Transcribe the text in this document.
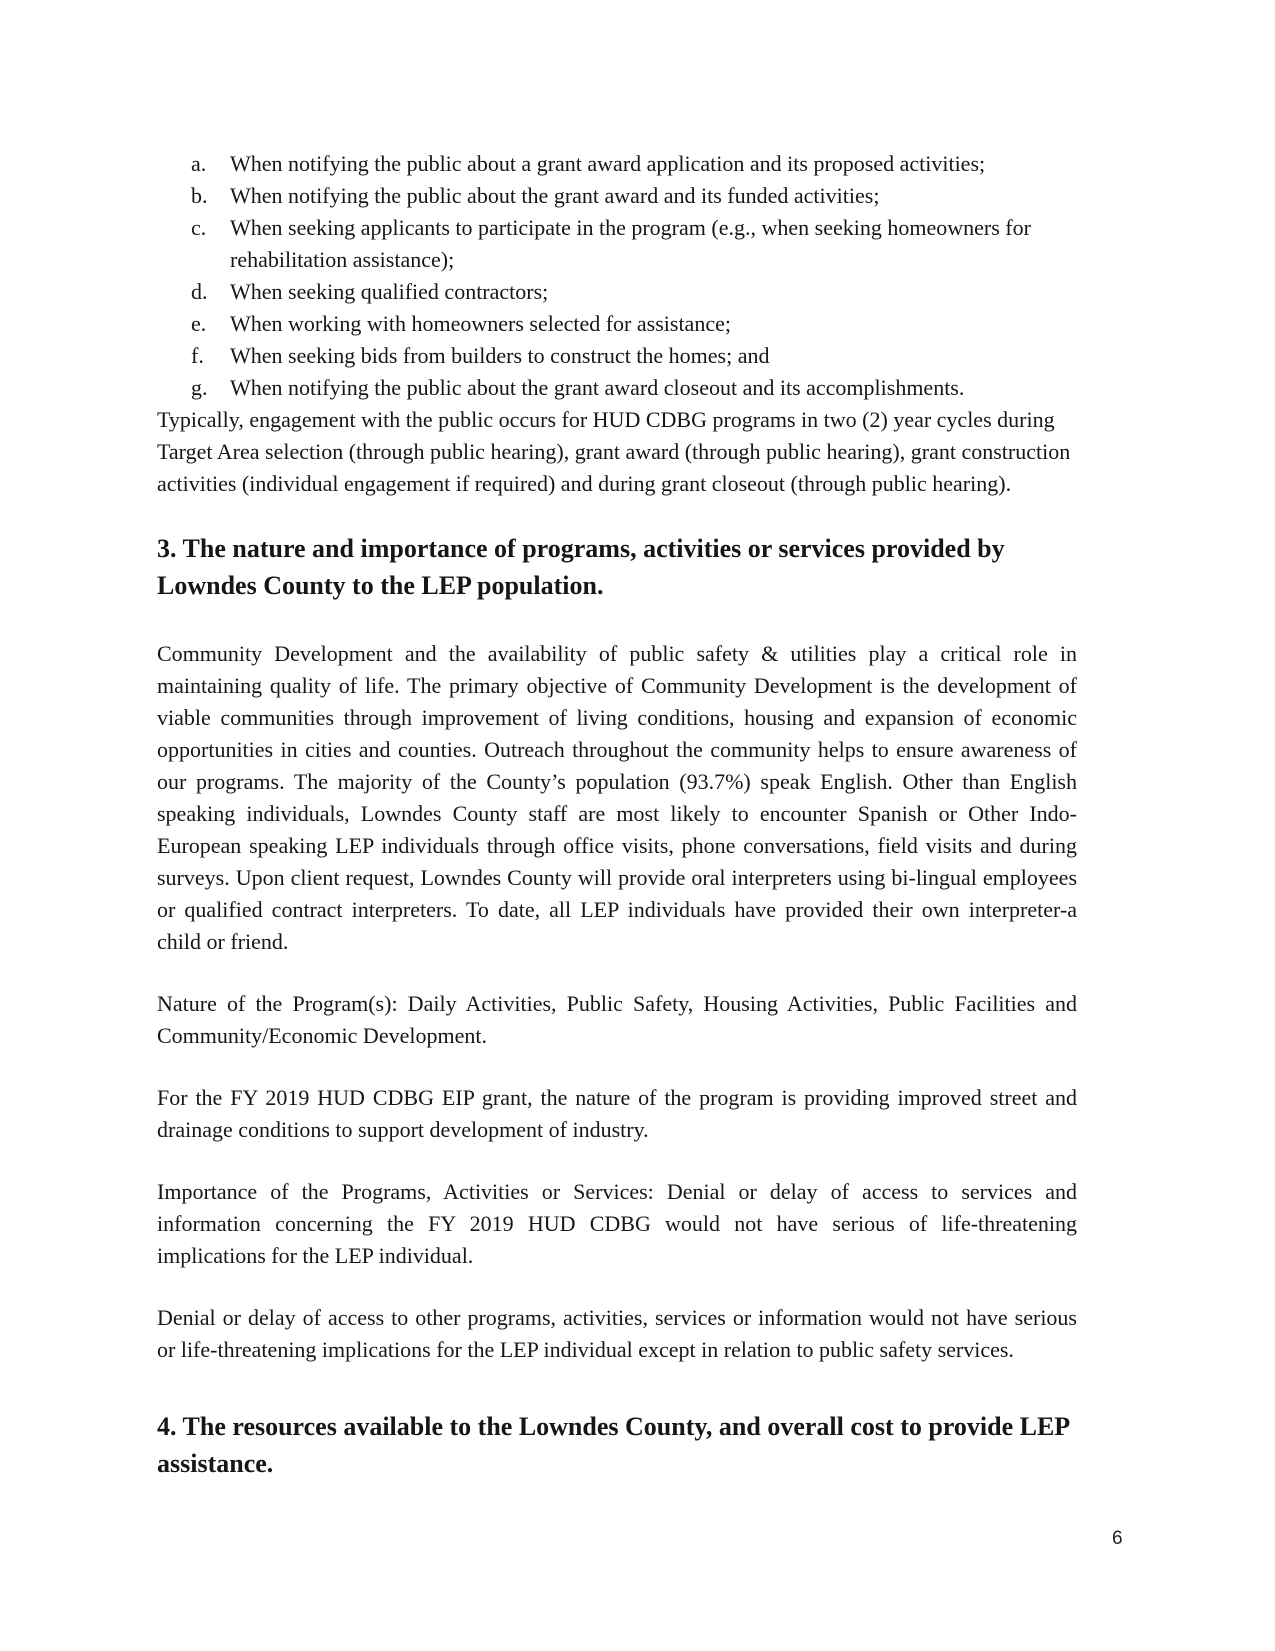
a.	When notifying the public about a grant award application and its proposed activities;
b.	When notifying the public about the grant award and its funded activities;
c.	When seeking applicants to participate in the program (e.g., when seeking homeowners for rehabilitation assistance);
d.	When seeking qualified contractors;
e.	When working with homeowners selected for assistance;
f.	When seeking bids from builders to construct the homes; and
g.	When notifying the public about the grant award closeout and its accomplishments.

Typically, engagement with the public occurs for HUD CDBG programs in two (2) year cycles during Target Area selection (through public hearing), grant award (through public hearing), grant construction activities (individual engagement if required) and during grant closeout (through public hearing).

3. The nature and importance of programs, activities or services provided by Lowndes County to the LEP population.

Community Development and the availability of public safety & utilities play a critical role in maintaining quality of life. The primary objective of Community Development is the development of viable communities through improvement of living conditions, housing and expansion of economic opportunities in cities and counties. Outreach throughout the community helps to ensure awareness of our programs. The majority of the County’s population (93.7%) speak English. Other than English speaking individuals, Lowndes County staff are most likely to encounter Spanish or Other Indo-European speaking LEP individuals through office visits, phone conversations, field visits and during surveys. Upon client request, Lowndes County will provide oral interpreters using bi-lingual employees or qualified contract interpreters. To date, all LEP individuals have provided their own interpreter-a child or friend.

Nature of the Program(s): Daily Activities, Public Safety, Housing Activities, Public Facilities and Community/Economic Development.

For the FY 2019 HUD CDBG EIP grant, the nature of the program is providing improved street and drainage conditions to support development of industry.

Importance of the Programs, Activities or Services: Denial or delay of access to services and information concerning the FY 2019 HUD CDBG would not have serious of life-threatening implications for the LEP individual.

Denial or delay of access to other programs, activities, services or information would not have serious or life-threatening implications for the LEP individual except in relation to public safety services.

4. The resources available to the Lowndes County, and overall cost to provide LEP assistance.
6
